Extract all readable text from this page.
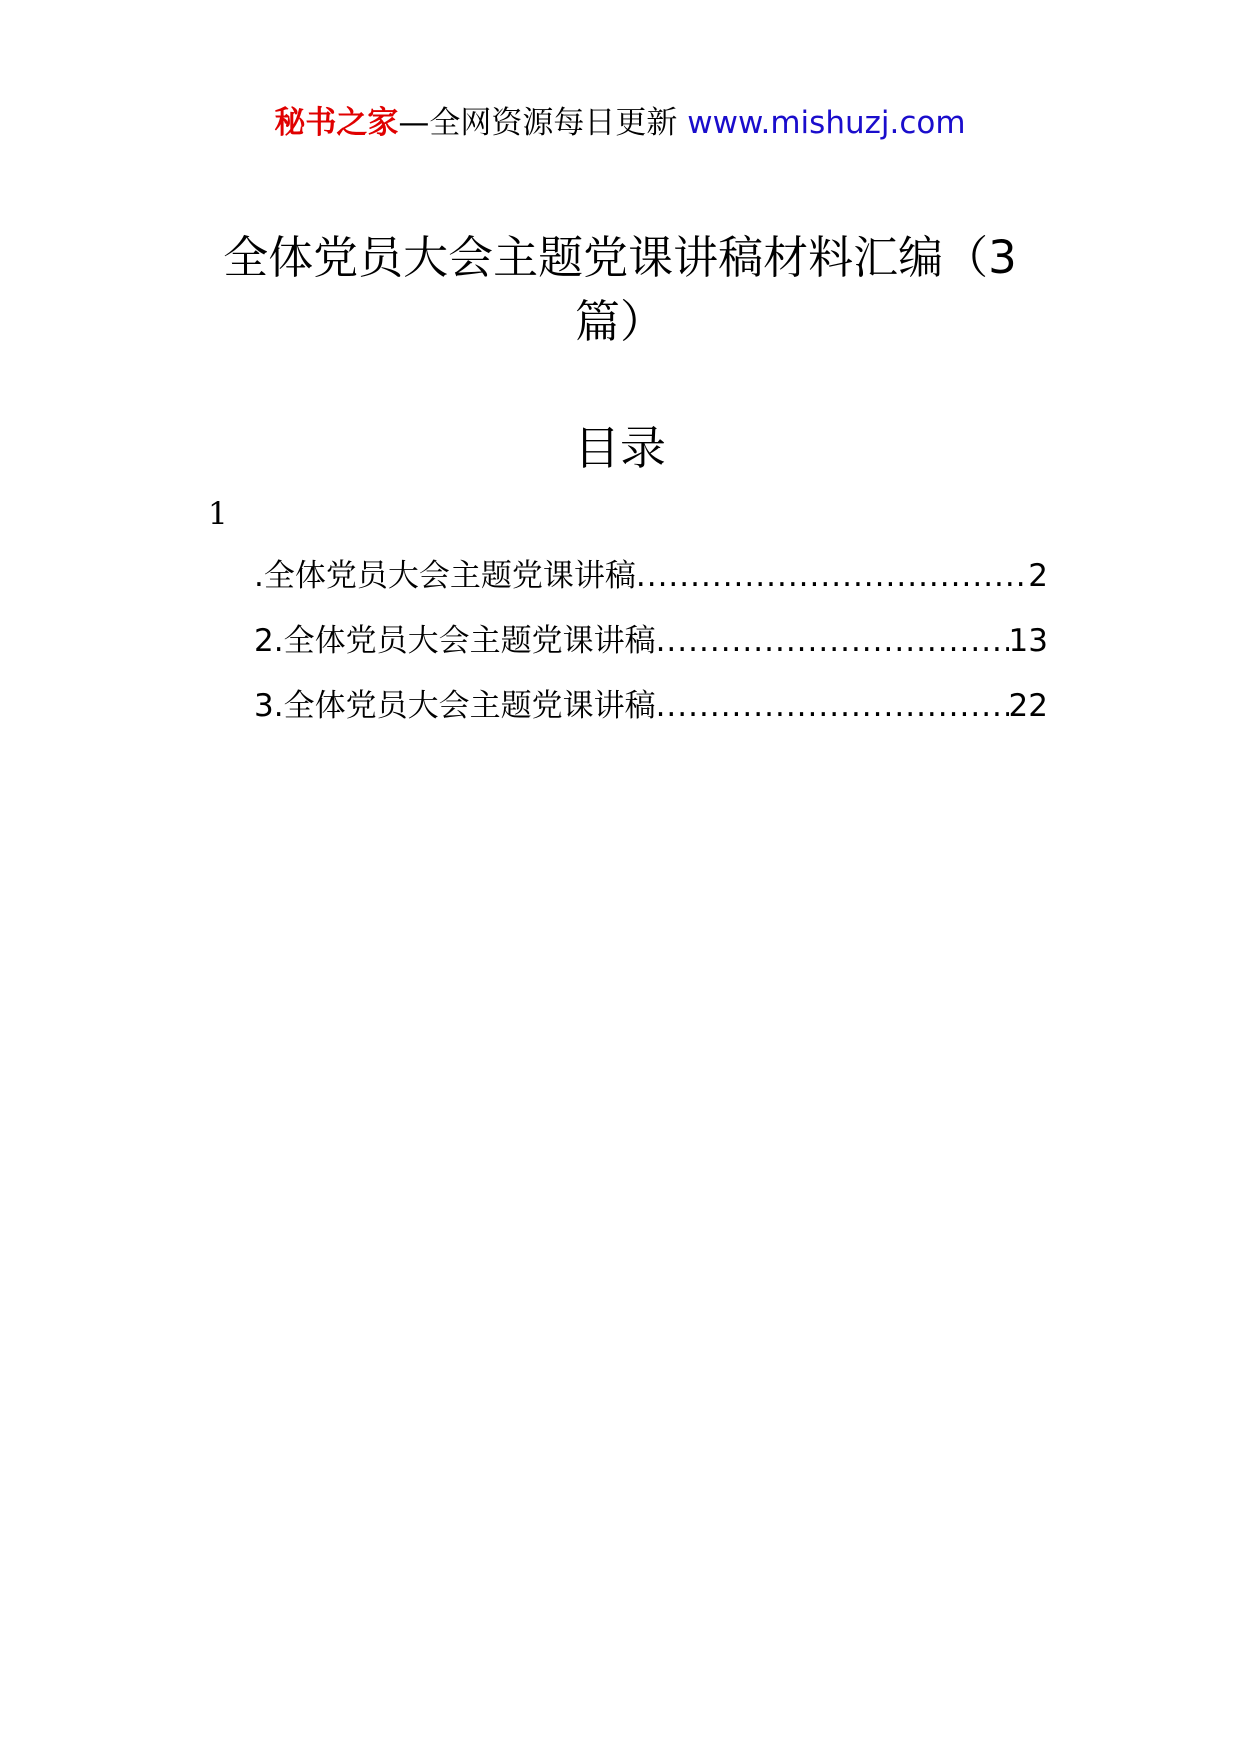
秘书之家—全网资源每日更新 www.mishuzj.com
全体党员大会主题党课讲稿材料汇编（3篇）
目录
1
.全体党员大会主题党课讲稿 .....	2
2.全体党员大会主题党课讲稿 .....	13
3.全体党员大会主题党课讲稿 .....	22
